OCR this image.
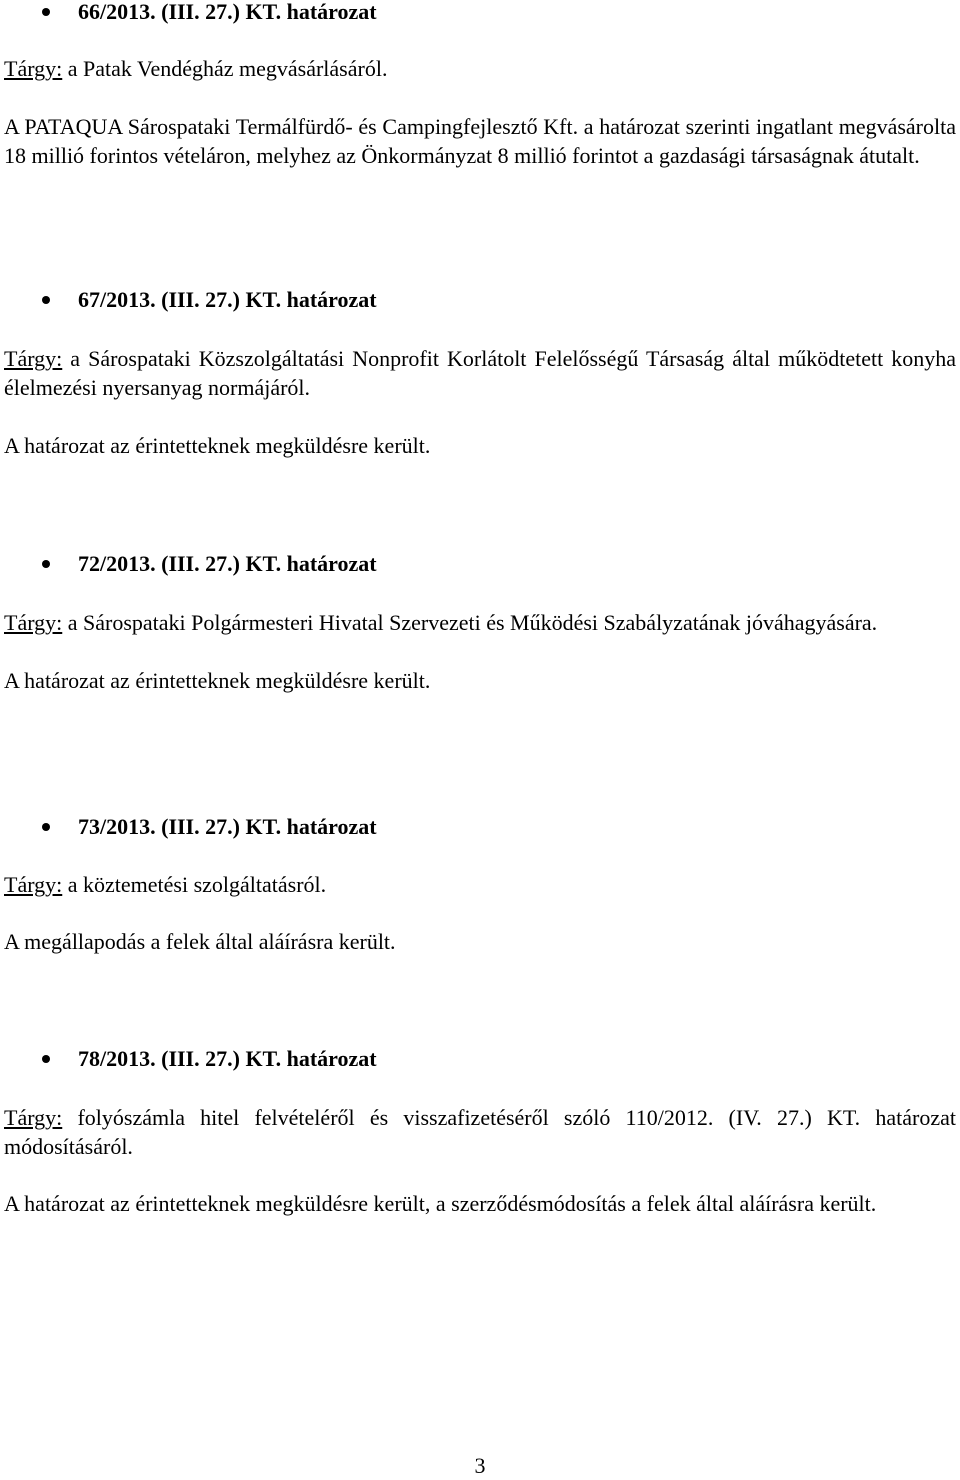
66/2013. (III. 27.) KT. határozat

Tárgy: a Patak Vendégház megvásárlásáról.

A PATAQUA Sárospataki Termálfürdő- és Campingfejlesztő Kft. a határozat szerinti ingatlant megvásárolta 18 millió forintos vételáron, melyhez az Önkormányzat 8 millió forintot a gazdasági társaságnak átutalt.

67/2013. (III. 27.) KT. határozat

Tárgy: a Sárospataki Közszolgáltatási Nonprofit Korlátolt Felelősségű Társaság által működtetett konyha élelmezési nyersanyag normájáról.

A határozat az érintetteknek megküldésre került.

72/2013. (III. 27.) KT. határozat

Tárgy: a Sárospataki Polgármesteri Hivatal Szervezeti és Működési Szabályzatának jóváhagyására.

A határozat az érintetteknek megküldésre került.

73/2013. (III. 27.) KT. határozat

Tárgy: a köztemetési szolgáltatásról.

A megállapodás a felek által aláírásra került.

78/2013. (III. 27.) KT. határozat

Tárgy: folyószámla hitel felvételéről és visszafizetéséről szóló 110/2012. (IV. 27.) KT. határozat módosításáról.

A határozat az érintetteknek megküldésre került, a szerződésmódosítás a felek által aláírásra került.

3
